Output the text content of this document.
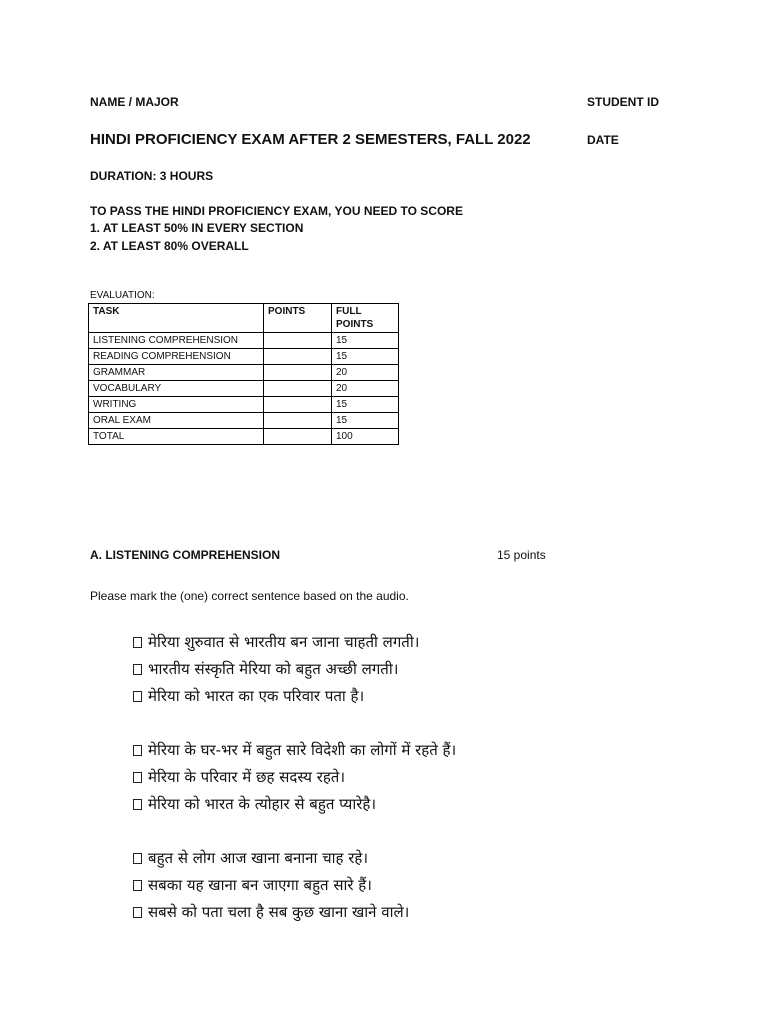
NAME / MAJOR	STUDENT ID
HINDI PROFICIENCY EXAM AFTER 2 SEMESTERS, FALL 2022	DATE
DURATION: 3 HOURS
TO PASS THE HINDI PROFICIENCY EXAM, YOU NEED TO SCORE
1. AT LEAST 50% IN EVERY SECTION
2. AT LEAST 80% OVERALL
EVALUATION:
TASK	POINTS	FULL
POINTS

LISTENING COMPREHENSION		15
READING COMPREHENSION		15
GRAMMAR		20
VOCABULARY		20
WRITING		15
ORAL EXAM		15
TOTAL		100
A. LISTENING COMPREHENSION	15 points
Please mark the (one) correct sentence based on the audio.
मेरिया शुरुवात से भारतीय बन जाना चाहती लगती।
भारतीय संस्कृति मेरिया को बहुत अच्छी लगती।
मेरिया को भारत का एक परिवार पता है।
मेरिया के घर-भर में बहुत सारे विदेशी का लोगों में रहते हैं।
मेरिया के परिवार में छह सदस्य रहते।
मेरिया को भारत के त्योहार से बहुत प्यारेहै।
बहुत से लोग आज खाना बनाना चाह रहे।
सबका यह खाना बन जाएगा बहुत सारे हैं।
सबसे को पता चला है सब कुछ खाना खाने वाले।
